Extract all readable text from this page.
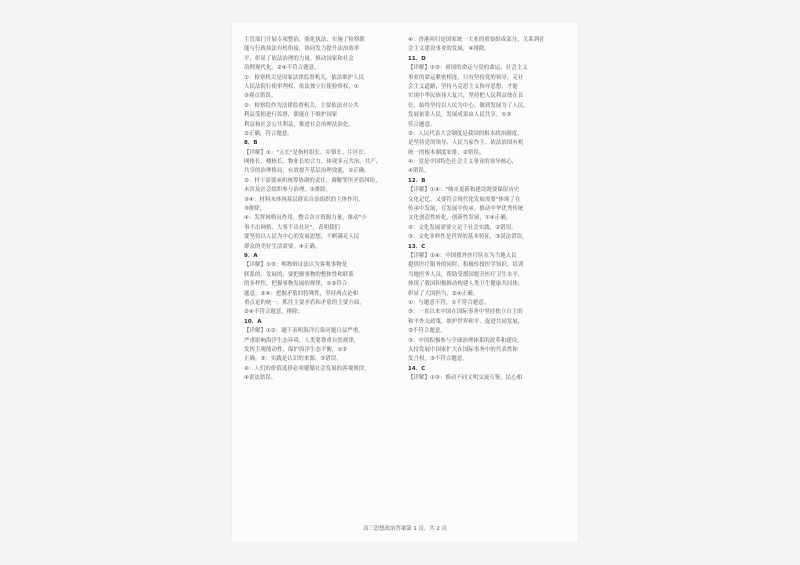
主管部门开展专项整治，强化执法，实施了检察职
能与行政执法有机衔接，协同发力提升法治效率
平，彰显了依法治理的力量，推动国家和社会
治理现代化。②④不符合题意。
①：检察机关是国家法律监督机关，依法维护人民
人民法院行使审判权，依法独立行使检察权，①
③观点错误。
②：检察院作为法律监督机关，主要依法对公共
利益受损进行监督，职能在于维护国家
利益和社会公共利益，推进社会治理法治化。
②正确，符合题意。
8．B
【详解】①："五长"是指村组长、乡镇长、片区长、
网格长、楼栋长、物业长的合力，体现多元共治、共产、
共享的治理格局，有效提升基层治理效能，①正确。
②：村干部要承担统筹协调的责任，调解邻里矛盾纠纷，
未涉及社会组织参与治理，②排除。
③④：材料未体现基层群众自治组织的主体作用，
③排除。
④：发挥网格员作用，整合各方资源力量，推动"小
事不出网格、大事不出社区"，表明我们
要坚持以人民为中心的发展思想，不断满足人民
群众的美好生活需要，④正确。
9．A
【详解】①③：唯物辩证法认为客观事物是
联系的、发展的，要把握事物的整体性和联系
的多样性，把握事物发展的规律，①③符合
题意。②④：把握矛盾的特殊性，坚持两点论和
重点论的统一，抓住主要矛盾和矛盾的主要方面，
②④不符合题意，排除。
10．A
【详解】①②：题干表明海洋污染问题日益严重，
严重影响海洋生态环境，人类要尊重自然规律，
发挥主观能动性，保护海洋生态平衡，①②
正确。③：实践是认识的来源，③错误。
④：人们的价值选择必须遵循社会发展的客观规律，
④说法错误。
④：香港回归是国家统一大业的重要组成部分，关系到社
会主义建设事业的发展，④排除。
11．D
【详解】①③：祖国的命运与党的命运、社会主义
事业的命运紧密相连，只有坚持党的领导，走社
会主义道路，坚持马克思主义指导思想，才能
实现中华民族伟大复兴，坚持把人民利益放在首
位，始终坚持以人民为中心，做到发展为了人民，
发展依靠人民，发展成果由人民共享。①③
符合题意。
②：人民代表大会制度是我国的根本政治制度，
是坚持党的领导、人民当家作主、依法治国有机
统一的根本制度安排，②错误。
④：党是中国特色社会主义事业的领导核心，
④错误。
12．B
【详解】①④："城市更新和建设既要保留历史
文化记忆，又要符合现代化发展需要"体现了在
传承中发展，在发展中传承，推动中华优秀传统
文化创造性转化、创新性发展，①④正确。
②：文化发展需要立足于社会实践，②错误。
③：文化多样性是世界的基本特征，③说法错误。
13．C
【详解】②④：中国援外医疗队在为当地人民
提供医疗服务的同时，积极传授医学知识、培训
当地医务人员，帮助受援国提升医疗卫生水平，
体现了我国积极推动构建人类卫生健康共同体，
彰显了大国担当，②④正确。
①：与题意不符，①不符合题意。
③：一直以来中国在国际事务中坚持独立自主的
和平外交政策，维护世界和平、促进共同发展，
③不符合题意。
③：中国积极参与全球治理体系的改革和建设，
支持发展中国家扩大在国际事务中的代表性和
发言权，③不符合题意。
14．C
【详解】①③：推动不同文明交流互鉴，民心相
高三思想政治答案第 1 页，共 2 页
